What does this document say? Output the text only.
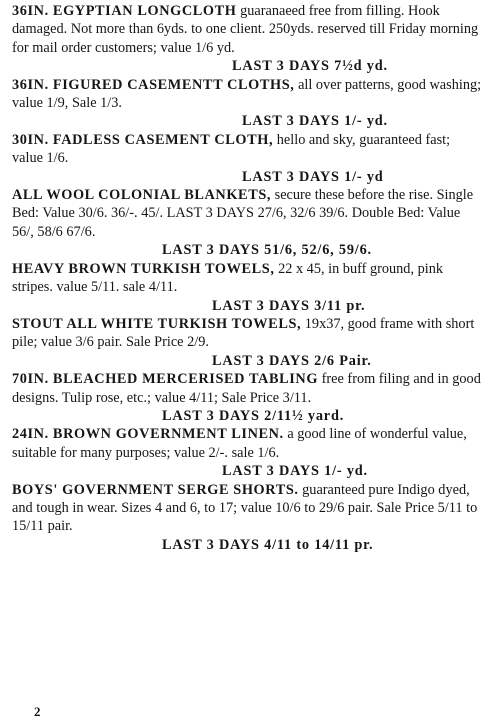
36IN. EGYPTIAN LONGCLOTH guaranaeed free from filling. Hook damaged. Not more than 6yds. to one client. 250yds. reserved till Friday morning for mail order customers; value 1/6 yd.
LAST 3 DAYS 7½d yd.

36IN. FIGURED CASEMENTT CLOTHS, all over patterns, good washing; value 1/9, Sale 1/3.
LAST 3 DAYS 1/- yd.

30IN. FADLESS CASEMENT CLOTH, hello and sky, guaranteed fast; value 1/6.
LAST 3 DAYS 1/- yd

ALL WOOL COLONIAL BLANKETS, secure these before the rise. Single Bed: Value 30/6. 36/-. 45/. LAST 3 DAYS 27/6, 32/6 39/6. Double Bed: Value 56/, 58/6 67/6.
LAST 3 DAYS 51/6, 52/6, 59/6.

HEAVY BROWN TURKISH TOWELS, 22 x 45, in buff ground, pink stripes. value 5/11. sale 4/11.
LAST 3 DAYS 3/11 pr.

STOUT ALL WHITE TURKISH TOWELS, 19x37, good frame with short pile; value 3/6 pair. Sale Price 2/9.
LAST 3 DAYS 2/6 Pair.

70IN. BLEACHED MERCERISED TABLING free from filing and in good designs. Tulip rose, etc.; value 4/11; Sale Price 3/11.
LAST 3 DAYS 2/11½ yard.

24IN. BROWN GOVERNMENT LINEN. a good line of wonderful value, suitable for many purposes; value 2/-. sale 1/6.
LAST 3 DAYS 1/- yd.

BOYS' GOVERNMENT SERGE SHORTS. guaranteed pure Indigo dyed, and tough in wear. Sizes 4 and 6, to 17; value 10/6 to 29/6 pair. Sale Price 5/11 to 15/11 pair.
LAST 3 DAYS 4/11 to 14/11 pr.

2
